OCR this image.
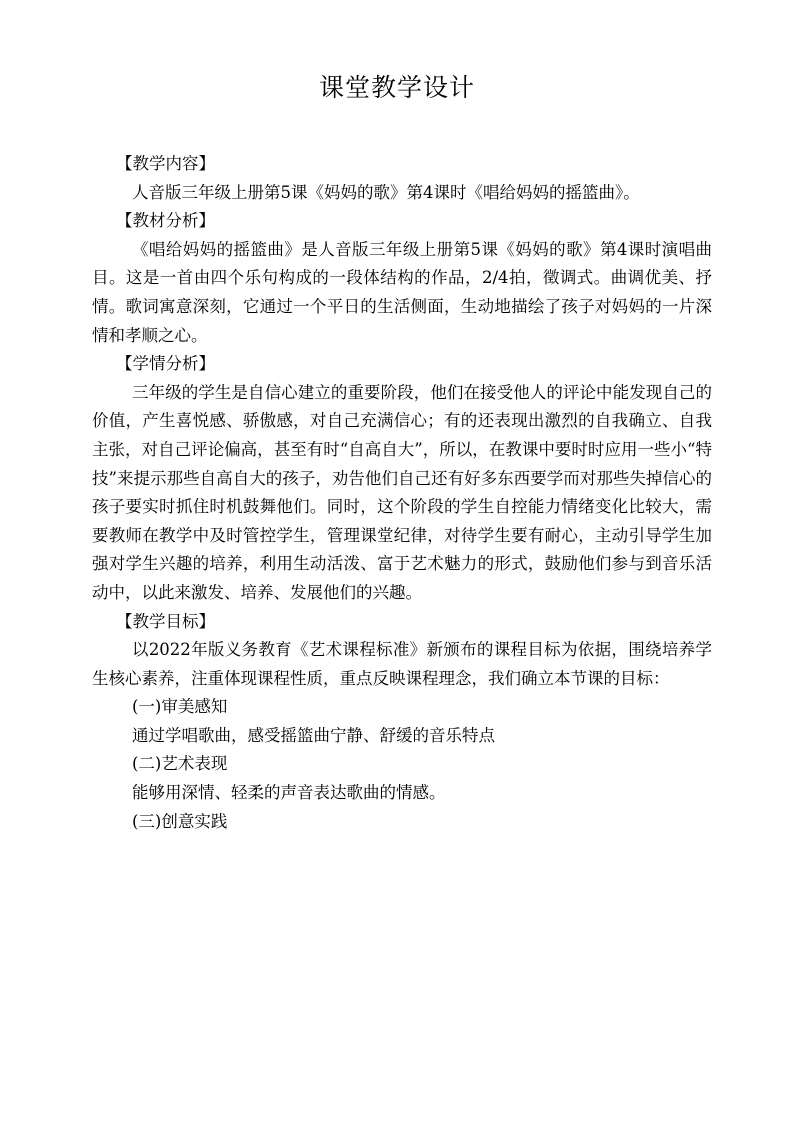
课堂教学设计

【教学内容】

人音版三年级上册第5课《妈妈的歌》第4课时《唱给妈妈的摇篮曲》。

【教材分析】

《唱给妈妈的摇篮曲》是人音版三年级上册第5课《妈妈的歌》第4课时演唱曲目。这是一首由四个乐句构成的一段体结构的作品，2/4拍，徵调式。曲调优美、抒情。歌词寓意深刻，它通过一个平日的生活侧面，生动地描绘了孩子对妈妈的一片深情和孝顺之心。

【学情分析】

三年级的学生是自信心建立的重要阶段，他们在接受他人的评论中能发现自己的价值，产生喜悦感、骄傲感，对自己充满信心；有的还表现出激烈的自我确立、自我主张，对自己评论偏高，甚至有时“自高自大”，所以，在教课中要时时应用一些小“特技”来提示那些自高自大的孩子，劝告他们自己还有好多东西要学而对那些失掉信心的孩子要实时抓住时机鼓舞他们。同时，这个阶段的学生自控能力情绪变化比较大，需要教师在教学中及时管控学生，管理课堂纪律，对待学生要有耐心，主动引导学生加强对学生兴趣的培养，利用生动活泼、富于艺术魅力的形式，鼓励他们参与到音乐活动中，以此来激发、培养、发展他们的兴趣。

【教学目标】

以2022年版义务教育《艺术课程标准》新颁布的课程目标为依据，围绕培养学生核心素养，注重体现课程性质，重点反映课程理念，我们确立本节课的目标：

(一)审美感知

通过学唱歌曲，感受摇篮曲宁静、舒缓的音乐特点

(二)艺术表现

能够用深情、轻柔的声音表达歌曲的情感。

(三)创意实践
